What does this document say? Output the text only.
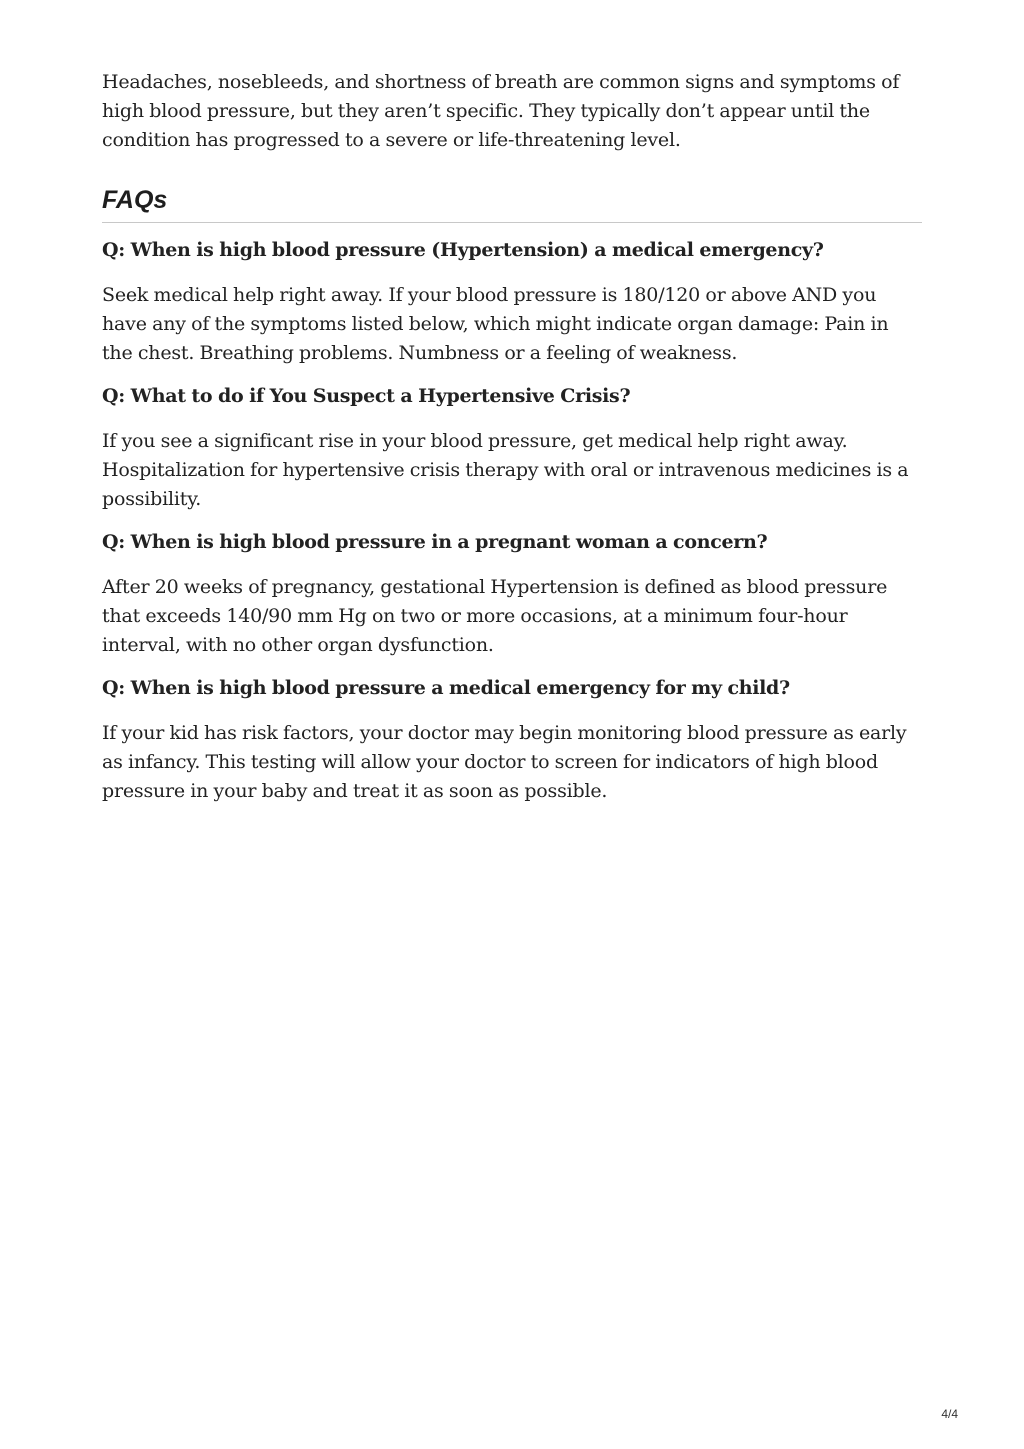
Headaches, nosebleeds, and shortness of breath are common signs and symptoms of high blood pressure, but they aren’t specific. They typically don’t appear until the condition has progressed to a severe or life-threatening level.

FAQs

Q: When is high blood pressure (Hypertension) a medical emergency?

Seek medical help right away. If your blood pressure is 180/120 or above AND you have any of the symptoms listed below, which might indicate organ damage: Pain in the chest. Breathing problems. Numbness or a feeling of weakness.

Q: What to do if You Suspect a Hypertensive Crisis?

If you see a significant rise in your blood pressure, get medical help right away. Hospitalization for hypertensive crisis therapy with oral or intravenous medicines is a possibility.

Q: When is high blood pressure in a pregnant woman a concern?

After 20 weeks of pregnancy, gestational Hypertension is defined as blood pressure that exceeds 140/90 mm Hg on two or more occasions, at a minimum four-hour interval, with no other organ dysfunction.

Q: When is high blood pressure a medical emergency for my child?

If your kid has risk factors, your doctor may begin monitoring blood pressure as early as infancy. This testing will allow your doctor to screen for indicators of high blood pressure in your baby and treat it as soon as possible.

4/4
